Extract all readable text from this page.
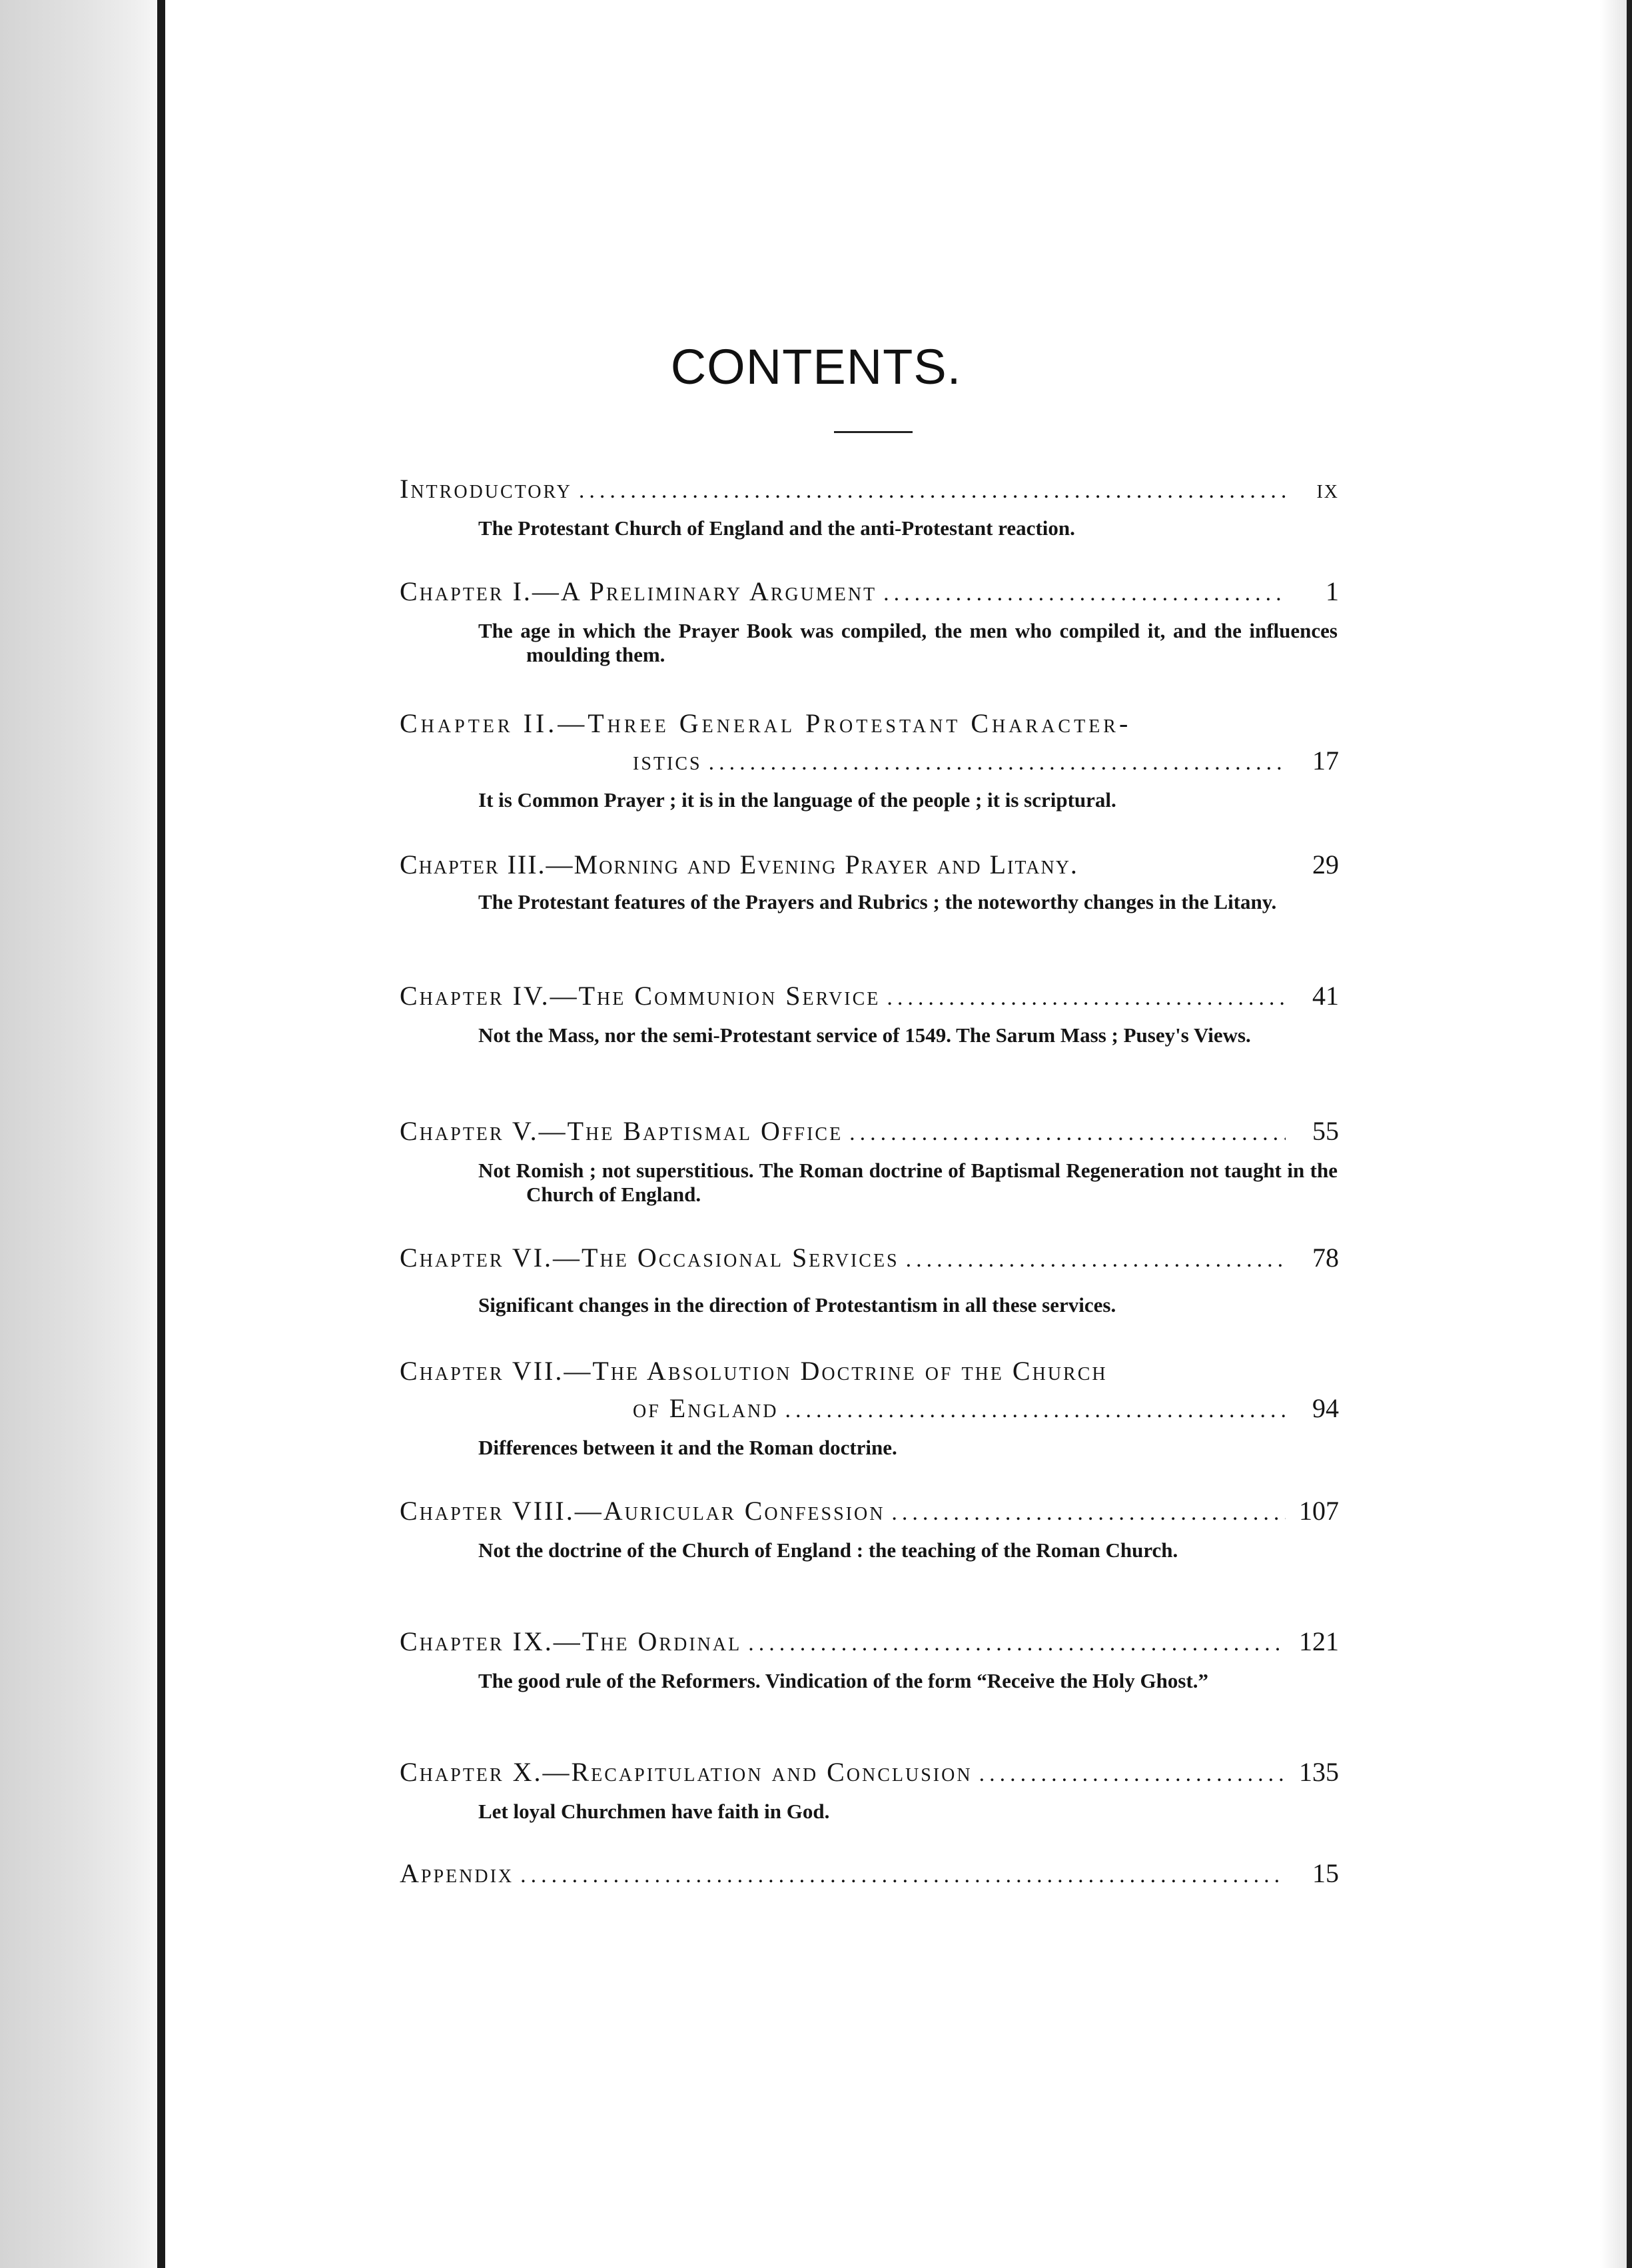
CONTENTS.
Introductory .....	ix
The Protestant Church of England and the anti-Protestant reaction.
Chapter I.—A Preliminary Argument .....	1
The age in which the Prayer Book was compiled, the men who compiled it, and the influences moulding them.
Chapter II.—Three General Protestant Character-
istics .....	17
It is Common Prayer ; it is in the language of the people ; it is scriptural.
Chapter III.—Morning and Evening Prayer and Litany.	29
The Protestant features of the Prayers and Rubrics ; the noteworthy changes in the Litany.
Chapter IV.—The Communion Service .....	41
Not the Mass, nor the semi-Protestant service of 1549. The Sarum Mass ; Pusey's Views.
Chapter V.—The Baptismal Office .....	55
Not Romish ; not superstitious. The Roman doctrine of Baptismal Regeneration not taught in the Church of England.
Chapter VI.—The Occasional Services .....	78
Significant changes in the direction of Protestantism in all these services.
Chapter VII.—The Absolution Doctrine of the Church
of England .....	94
Differences between it and the Roman doctrine.
Chapter VIII.—Auricular Confession .....	107
Not the doctrine of the Church of England : the teaching of the Roman Church.
Chapter IX.—The Ordinal .....	121
The good rule of the Reformers. Vindication of the form “Receive the Holy Ghost.”
Chapter X.—Recapitulation and Conclusion .....	135
Let loyal Churchmen have faith in God.
Appendix .....	15
